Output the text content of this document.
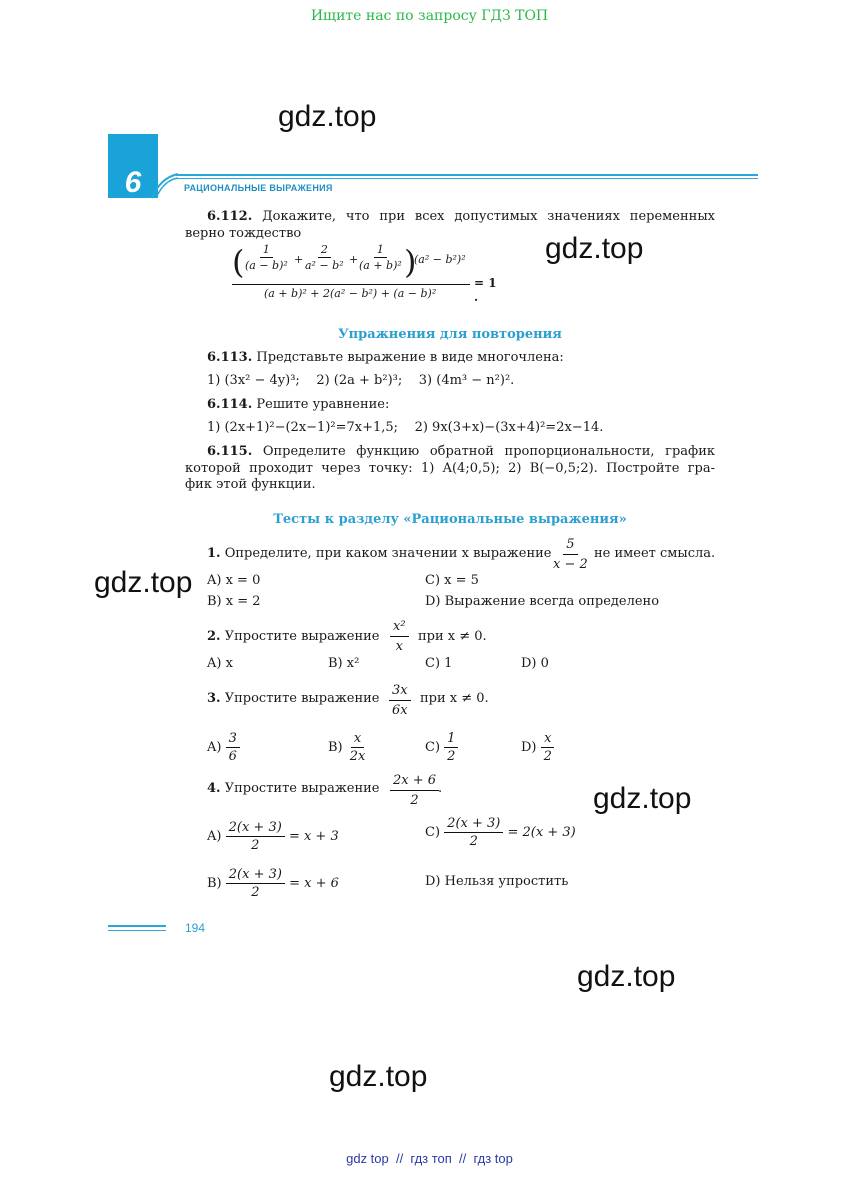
Ищите нас по запросу ГДЗ ТОП
gdz.top
gdz.top
gdz.top
gdz.top
gdz.top
gdz.top
6	РАЦИОНАЛЬНЫЕ ВЫРАЖЕНИЯ
6.112. Докажите, что при всех допустимых значениях переменных
верно тождество
(
$\frac{1}{\text{(a − b)²}}$ +
$\frac{2}{\text{a² − b²}}$ +
$\frac{1}{\text{(a + b)²}}$ )
(a² − b²)²
(a + b)² + 2(a² − b²) + (a − b)²
= 1 .
Упражнения для повторения
6.113. Представьте выражение в виде многочлена:
1) (3x² − 4y)³;    2) (2a + b²)³;    3) (4m³ − n²)².
6.114. Решите уравнение:
1) (2x+1)²−(2x−1)²=7x+1,5;    2) 9x(3+x)−(3x+4)²=2x−14.
6.115. Определите функцию обратной пропорциональности, график
которой проходит через точку: 1) A(4;0,5); 2) B(−0,5;2). Постройте гра-
фик этой функции.
Тесты к разделу «Рациональные выражения»
1. Определите, при каком значении x выражение
$\frac{5}{x - 2}$ не имеет смысла.
A) x = 0	C) x = 5
B) x = 2	D) Выражение всегда определено
2. Упростите выражение $\frac{\text{x²}}{x}$ при x ≠ 0.
A) x	B) x²	C) 1	D) 0
3. Упростите выражение $\frac{3x}{6x}$ при x ≠ 0.
$A) \frac{3}{6}$	$B) \frac{x}{2x}$	$C) \frac{1}{2}$	$D) \frac{x}{2}$
4. Упростите выражение $\frac{2x + 6}{2}$
.
$A) \frac{2(x + 3)}{2} = x + 3$	$C) \frac{2(x + 3)}{2} = 2(x + 3)$
$B) \frac{2(x + 3)}{2} = x + 6$	D) Нельзя упростить
194
gdz top  //  гдз топ  //  гдз top
